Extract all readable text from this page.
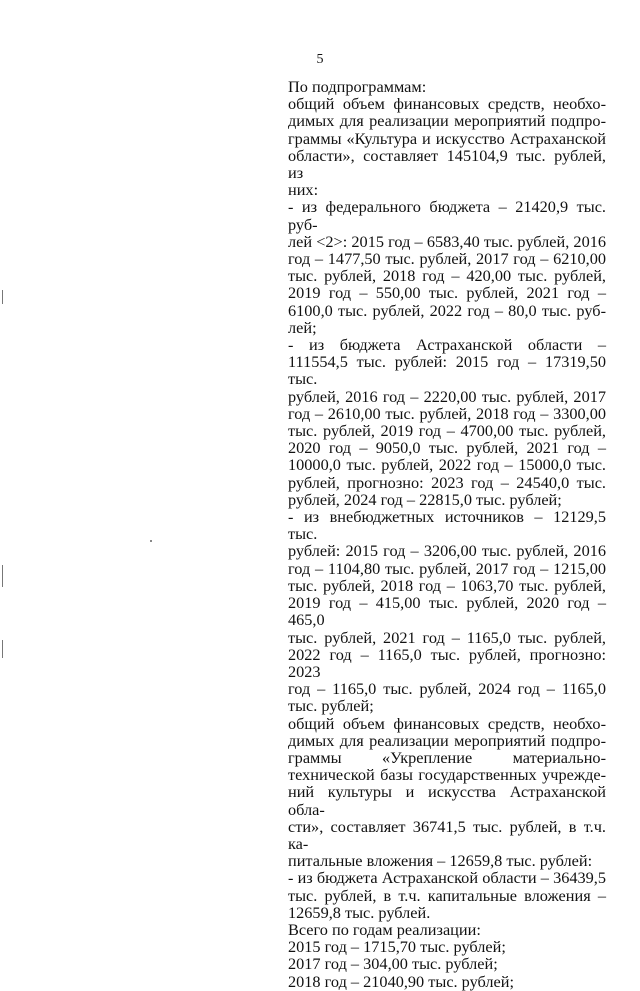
5
По подпрограммам:
общий объем финансовых средств, необхо-
димых для реализации мероприятий подпро-
граммы «Культура и искусство Астраханской
области», составляет 145104,9 тыс. рублей, из
них:
- из федерального бюджета – 21420,9 тыс. руб-
лей <2>: 2015 год – 6583,40 тыс. рублей, 2016
год – 1477,50 тыс. рублей, 2017 год – 6210,00
тыс. рублей, 2018 год – 420,00 тыс. рублей,
2019 год – 550,00 тыс. рублей, 2021 год –
6100,0 тыс. рублей, 2022 год – 80,0 тыс. руб-
лей;
- из бюджета Астраханской области –
111554,5 тыс. рублей: 2015 год – 17319,50 тыс.
рублей, 2016 год – 2220,00 тыс. рублей, 2017
год – 2610,00 тыс. рублей, 2018 год – 3300,00
тыс. рублей, 2019 год – 4700,00 тыс. рублей,
2020 год – 9050,0 тыс. рублей, 2021 год –
10000,0 тыс. рублей, 2022 год – 15000,0 тыс.
рублей, прогнозно: 2023 год – 24540,0 тыс.
рублей, 2024 год – 22815,0 тыс. рублей;
- из внебюджетных источников – 12129,5 тыс.
рублей: 2015 год – 3206,00 тыс. рублей, 2016
год – 1104,80 тыс. рублей, 2017 год – 1215,00
тыс. рублей, 2018 год – 1063,70 тыс. рублей,
2019 год – 415,00 тыс. рублей, 2020 год – 465,0
тыс. рублей, 2021 год – 1165,0 тыс. рублей,
2022 год – 1165,0 тыс. рублей, прогнозно: 2023
год – 1165,0 тыс. рублей, 2024 год – 1165,0
тыс. рублей;
общий объем финансовых средств, необхо-
димых для реализации мероприятий подпро-
граммы «Укрепление материально-
технической базы государственных учрежде-
ний культуры и искусства Астраханской обла-
сти», составляет 36741,5 тыс. рублей, в т.ч. ка-
питальные вложения – 12659,8 тыс. рублей:
- из бюджета Астраханской области – 36439,5
тыс. рублей, в т.ч. капитальные вложения –
12659,8 тыс. рублей.
Всего по годам реализации:
2015 год – 1715,70 тыс. рублей;
2017 год – 304,00 тыс. рублей;
2018 год – 21040,90 тыс. рублей;
